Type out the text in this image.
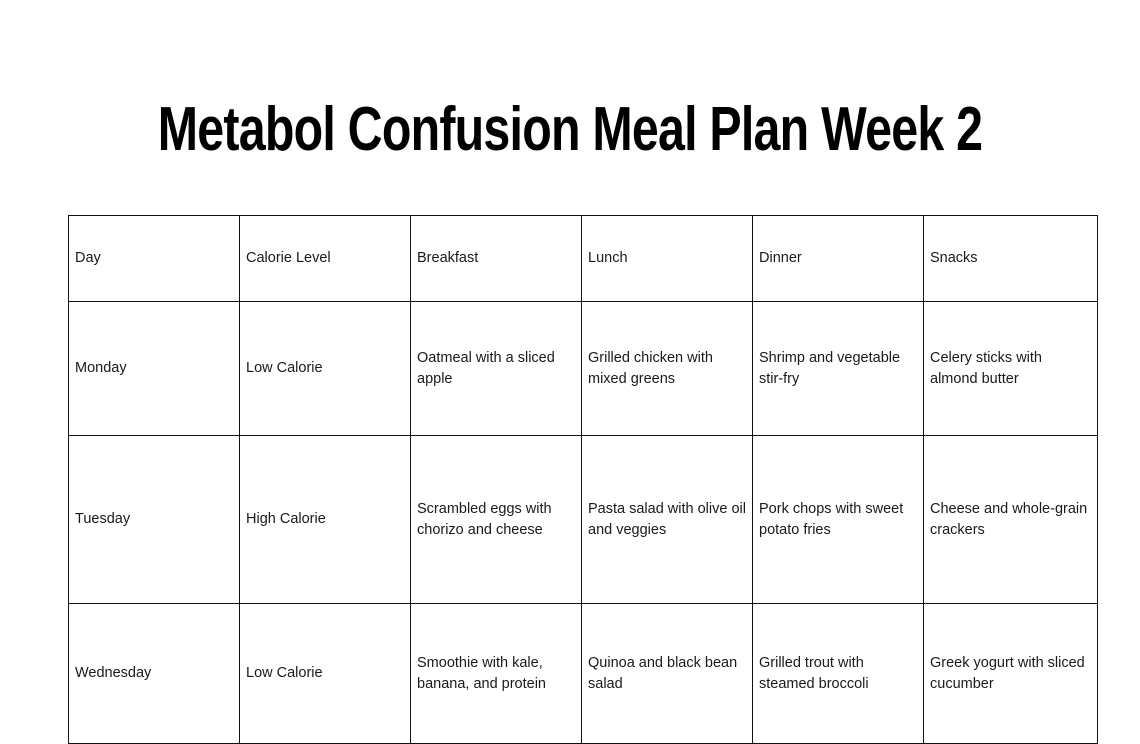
Metabol Confusion Meal Plan Week 2
Day	Calorie Level	Breakfast	Lunch	Dinner	Snacks
Monday	Low Calorie	Oatmeal with a sliced apple	Grilled chicken with mixed greens	Shrimp and vegetable stir-fry	Celery sticks with almond butter
Tuesday	High Calorie	Scrambled eggs with chorizo and cheese	Pasta salad with olive oil and veggies	Pork chops with sweet potato fries	Cheese and whole-grain crackers
Wednesday	Low Calorie	Smoothie with kale, banana, and protein	Quinoa and black bean salad	Grilled trout with steamed broccoli	Greek yogurt with sliced cucumber
